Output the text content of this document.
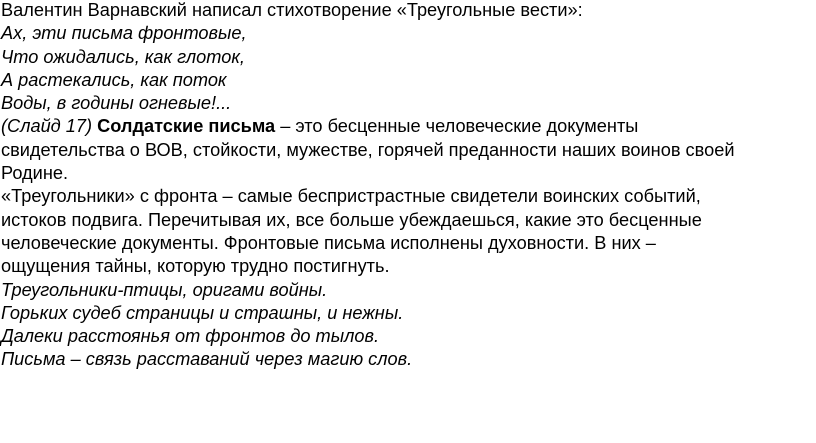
Валентин Варнавский написал стихотворение «Треугольные вести»:

Ах, эти письма фронтовые,

Что ожидались, как глоток,

А растекались, как поток

Воды, в годины огневые!...

(Слайд 17) Солдатские письма – это бесценные человеческие документы

свидетельства о ВОВ, стойкости, мужестве, горячей преданности наших воинов своей

Родине.

«Треугольники» с фронта – самые беспристрастные свидетели воинских событий,

истоков подвига. Перечитывая их, все больше убеждаешься, какие это бесценные

человеческие документы. Фронтовые письма исполнены духовности. В них –

ощущения тайны, которую трудно постигнуть.

Треугольники-птицы, оригами войны.

Горьких судеб страницы и страшны, и нежны.

Далеки расстоянья от фронтов до тылов.

Письма – связь расставаний через магию слов.
